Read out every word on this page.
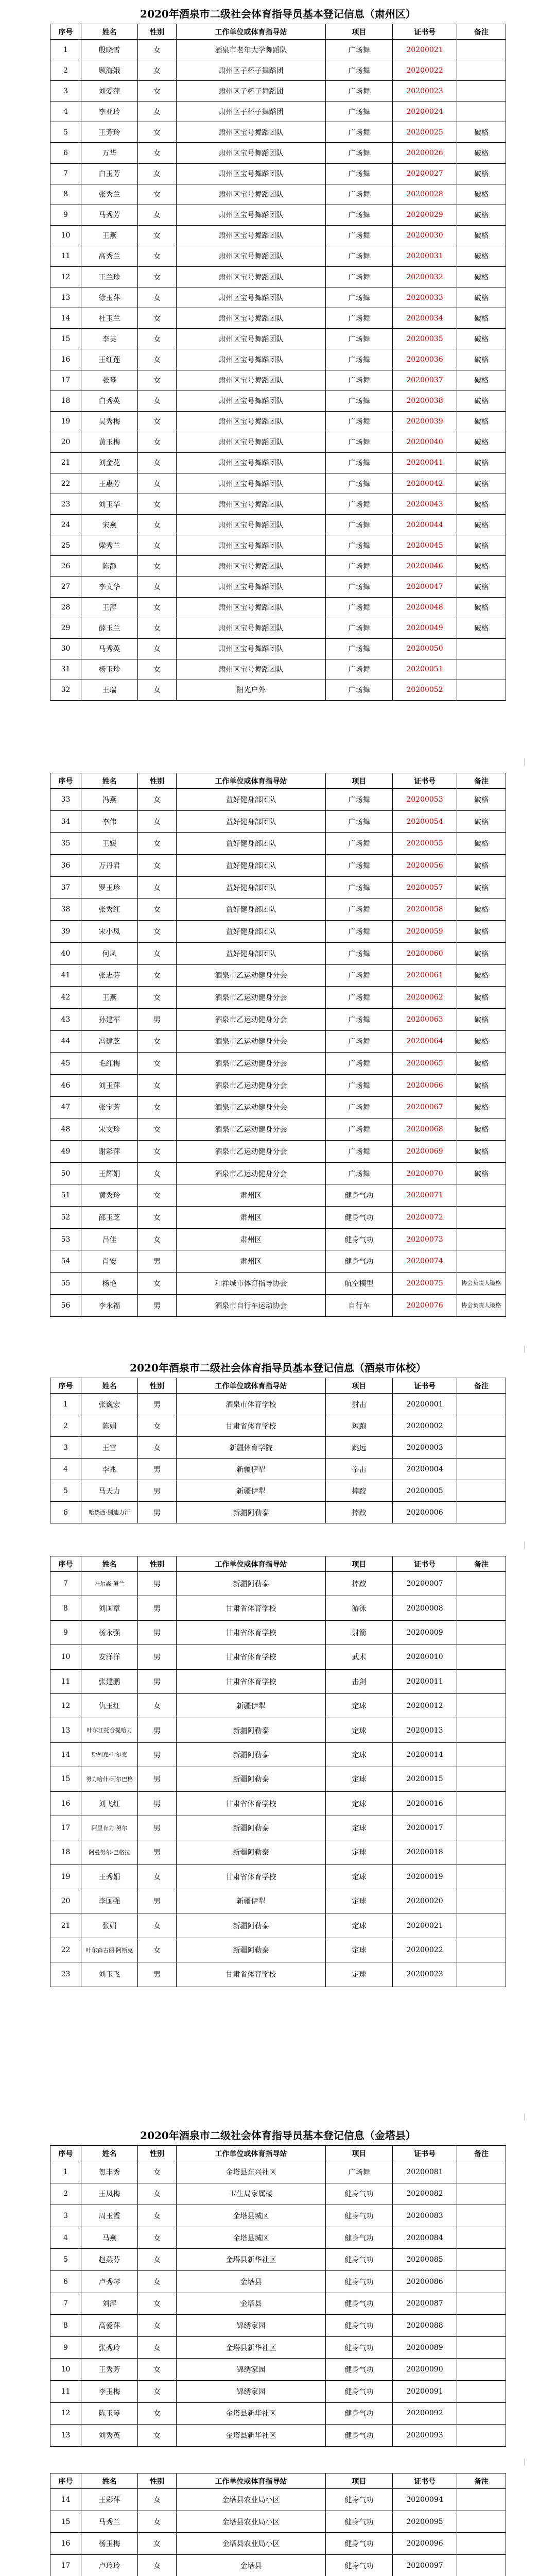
2020年酒泉市二级社会体育指导员基本登记信息（肃州区）
序号	姓名	性别	工作单位或体育指导站	项目	证书号	备注
1	殷晓雪	女	酒泉市老年大学舞蹈队	广场舞	20200021	
2	顾海娥	女	肃州区子杯子舞蹈团	广场舞	20200022	
3	刘爱萍	女	肃州区子杯子舞蹈团	广场舞	20200023	
4	李亚玲	女	肃州区子杯子舞蹈团	广场舞	20200024	
5	王芳玲	女	肃州区宝号舞蹈团队	广场舞	20200025	破格
6	万华	女	肃州区宝号舞蹈团队	广场舞	20200026	破格
7	白玉芳	女	肃州区宝号舞蹈团队	广场舞	20200027	破格
8	张秀兰	女	肃州区宝号舞蹈团队	广场舞	20200028	破格
9	马秀芳	女	肃州区宝号舞蹈团队	广场舞	20200029	破格
10	王燕	女	肃州区宝号舞蹈团队	广场舞	20200030	破格
11	高秀兰	女	肃州区宝号舞蹈团队	广场舞	20200031	破格
12	王兰珍	女	肃州区宝号舞蹈团队	广场舞	20200032	破格
13	徐玉萍	女	肃州区宝号舞蹈团队	广场舞	20200033	破格
14	杜玉兰	女	肃州区宝号舞蹈团队	广场舞	20200034	破格
15	李英	女	肃州区宝号舞蹈团队	广场舞	20200035	破格
16	王红莲	女	肃州区宝号舞蹈团队	广场舞	20200036	破格
17	张琴	女	肃州区宝号舞蹈团队	广场舞	20200037	破格
18	白秀英	女	肃州区宝号舞蹈团队	广场舞	20200038	破格
19	吴秀梅	女	肃州区宝号舞蹈团队	广场舞	20200039	破格
20	黄玉梅	女	肃州区宝号舞蹈团队	广场舞	20200040	破格
21	刘金花	女	肃州区宝号舞蹈团队	广场舞	20200041	破格
22	王惠芳	女	肃州区宝号舞蹈团队	广场舞	20200042	破格
23	刘玉华	女	肃州区宝号舞蹈团队	广场舞	20200043	破格
24	宋燕	女	肃州区宝号舞蹈团队	广场舞	20200044	破格
25	梁秀兰	女	肃州区宝号舞蹈团队	广场舞	20200045	破格
26	陈静	女	肃州区宝号舞蹈团队	广场舞	20200046	破格
27	李文华	女	肃州区宝号舞蹈团队	广场舞	20200047	破格
28	王萍	女	肃州区宝号舞蹈团队	广场舞	20200048	破格
29	薛玉兰	女	肃州区宝号舞蹈团队	广场舞	20200049	破格
30	马秀英	女	肃州区宝号舞蹈团队	广场舞	20200050	
31	杨玉珍	女	肃州区宝号舞蹈团队	广场舞	20200051	
32	王瑞	女	阳光户外	广场舞	20200052	
序号	姓名	性别	工作单位或体育指导站	项目	证书号	备注
33	冯燕	女	益好健身部团队	广场舞	20200053	破格
34	李伟	女	益好健身部团队	广场舞	20200054	破格
35	王媛	女	益好健身部团队	广场舞	20200055	破格
36	万丹君	女	益好健身部团队	广场舞	20200056	破格
37	罗玉珍	女	益好健身部团队	广场舞	20200057	破格
38	张秀红	女	益好健身部团队	广场舞	20200058	破格
39	宋小凤	女	益好健身部团队	广场舞	20200059	破格
40	何凤	女	益好健身部团队	广场舞	20200060	破格
41	张志芬	女	酒泉市乙运动健身分会	广场舞	20200061	破格
42	王燕	女	酒泉市乙运动健身分会	广场舞	20200062	破格
43	孙建军	男	酒泉市乙运动健身分会	广场舞	20200063	破格
44	冯建芝	女	酒泉市乙运动健身分会	广场舞	20200064	破格
45	毛红梅	女	酒泉市乙运动健身分会	广场舞	20200065	破格
46	刘玉萍	女	酒泉市乙运动健身分会	广场舞	20200066	破格
47	张宝芳	女	酒泉市乙运动健身分会	广场舞	20200067	破格
48	宋文珍	女	酒泉市乙运动健身分会	广场舞	20200068	破格
49	谢彩萍	女	酒泉市乙运动健身分会	广场舞	20200069	破格
50	王辉娟	女	酒泉市乙运动健身分会	广场舞	20200070	破格
51	黄秀玲	女	肃州区	健身气功	20200071	
52	邵玉芝	女	肃州区	健身气功	20200072	
53	吕佳	女	肃州区	健身气功	20200073	
54	肖安	男	肃州区	健身气功	20200074	
55	杨艳	女	和祥城市体育指导协会	航空模型	20200075	协会负责人破格
56	李永福	男	酒泉市自行车运动协会	自行车	20200076	协会负责人破格
2020年酒泉市二级社会体育指导员基本登记信息（酒泉市体校）
序号	姓名	性别	工作单位或体育指导站	项目	证书号	备注
1	张巍宏	男	酒泉市体育学校	射击	20200001	
2	陈娟	女	甘肃省体育学校	短跑	20200002	
3	王雪	女	新疆体育学院	跳远	20200003	
4	李兆	男	新疆伊犁	拳击	20200004	
5	马天力	男	新疆伊犁	摔跤	20200005	
6	哈热西·别迪力汗	男	新疆阿勒泰	摔跤	20200006	
序号	姓名	性别	工作单位或体育指导站	项目	证书号	备注
7	叶尔森·努兰	男	新疆阿勒泰	摔跤	20200007	
8	刘国章	男	甘肃省体育学校	游泳	20200008	
9	杨永强	男	甘肃省体育学校	射箭	20200009	
10	安洋洋	男	甘肃省体育学校	武术	20200010	
11	张建鹏	男	甘肃省体育学校	击剑	20200011	
12	仇玉红	女	新疆伊犁	定球	20200012	
13	叶尔江托合提哈力	男	新疆阿勒泰	定球	20200013	
14	斯列克·叶尔克	男	新疆阿勒泰	定球	20200014	
15	努力哈什·阿尔巴格	男	新疆阿勒泰	定球	20200015	
16	刘飞红	男	甘肃省体育学校	定球	20200016	
17	阿里肯力·努尔	男	新疆阿勒泰	定球	20200017	
18	阿曼努尔·巴格拉	男	新疆阿勒泰	定球	20200018	
19	王秀娟	女	甘肃省体育学校	定球	20200019	
20	李国强	男	新疆伊犁	定球	20200020	
21	张娟	女	新疆阿勒泰	定球	20200021	
22	叶尔森古丽·阿斯克	女	新疆阿勒泰	定球	20200022	
23	刘玉飞	男	甘肃省体育学校	定球	20200023	
2020年酒泉市二级社会体育指导员基本登记信息（金塔县）
序号	姓名	性别	工作单位或体育指导站	项目	证书号	备注
1	贺丰秀	女	金塔县东兴社区	广场舞	20200081	
2	王凤梅	女	卫生局家属楼	健身气功	20200082	
3	周玉霞	女	金塔县城区	健身气功	20200083	
4	马燕	女	金塔县城区	健身气功	20200084	
5	赵燕芬	女	金塔县新华社区	健身气功	20200085	
6	卢秀琴	女	金塔县	健身气功	20200086	
7	刘萍	女	金塔县	健身气功	20200087	
8	高爱萍	女	锦绣家园	健身气功	20200088	
9	张秀玲	女	金塔县新华社区	健身气功	20200089	
10	王秀芳	女	锦绣家园	健身气功	20200090	
11	李玉梅	女	锦绣家园	健身气功	20200091	
12	陈玉琴	女	金塔县新华社区	健身气功	20200092	
13	刘秀英	女	金塔县新华社区	健身气功	20200093	
序号	姓名	性别	工作单位或体育指导站	项目	证书号	备注
14	王彩萍	女	金塔县农业局小区	健身气功	20200094	
15	马秀兰	女	金塔县农业局小区	健身气功	20200095	
16	杨玉梅	女	金塔县农业局小区	健身气功	20200096	
17	卢玲玲	女	金塔县	健身气功	20200097	
